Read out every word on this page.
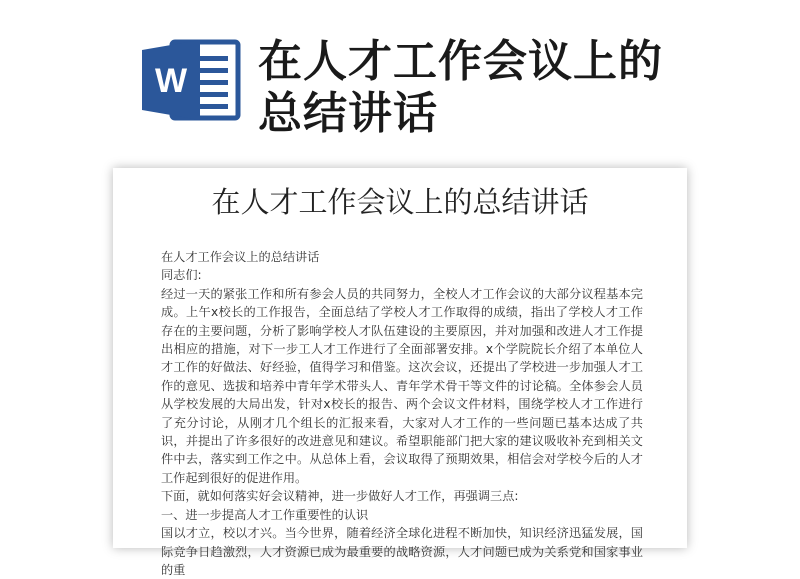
W 在人才工作会议上的
总结讲话
在人才工作会议上的总结讲话

在人才工作会议上的总结讲话

同志们:

经过一天的紧张工作和所有参会人员的共同努力，全校人才工作会议的大部分议程基本完成。上午x校长的工作报告，全面总结了学校人才工作取得的成绩，指出了学校人才工作存在的主要问题，分析了影响学校人才队伍建设的主要原因，并对加强和改进人才工作提出相应的措施，对下一步工人才工作进行了全面部署安排。x个学院院长介绍了本单位人才工作的好做法、好经验，值得学习和借鉴。这次会议，还提出了学校进一步加强人才工作的意见、选拔和培养中青年学术带头人、青年学术骨干等文件的讨论稿。全体参会人员从学校发展的大局出发，针对x校长的报告、两个会议文件材料，围绕学校人才工作进行了充分讨论，从刚才几个组长的汇报来看，大家对人才工作的一些问题已基本达成了共识，并提出了许多很好的改进意见和建议。希望职能部门把大家的建议吸收补充到相关文件中去，落实到工作之中。从总体上看，会议取得了预期效果，相信会对学校今后的人才工作起到很好的促进作用。

下面，就如何落实好会议精神，进一步做好人才工作，再强调三点:

一、进一步提高人才工作重要性的认识

国以才立，校以才兴。当今世界，随着经济全球化进程不断加快，知识经济迅猛发展，国际竞争日趋激烈，人才资源已成为最重要的战略资源，人才问题已成为关系党和国家事业的重
